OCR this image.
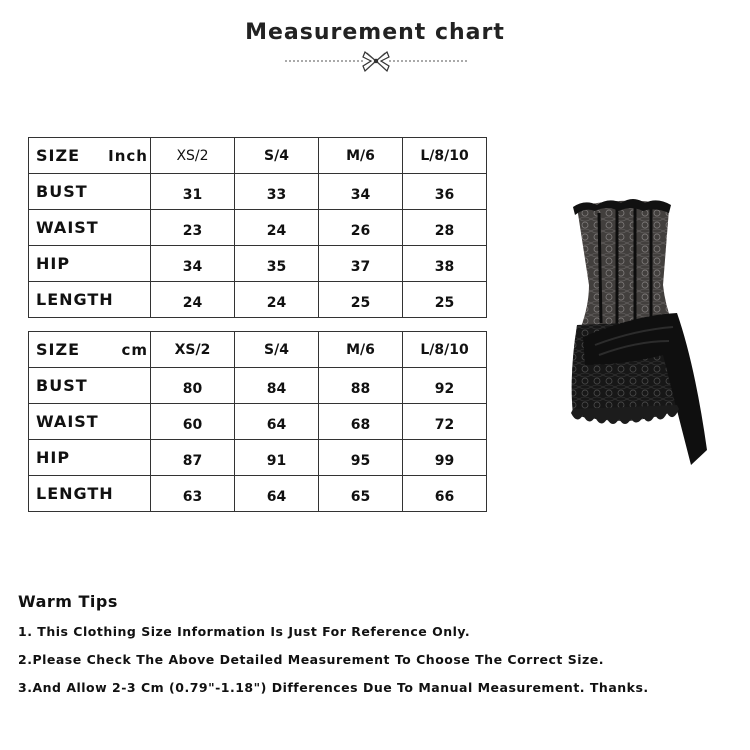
Measurement chart
SIZE Inch	XS/2	S/4	M/6	L/8/10
BUST	31	33	34	36
WAIST	23	24	26	28
HIP	34	35	37	38
LENGTH	24	24	25	25
SIZE cm	XS/2	S/4	M/6	L/8/10
BUST	80	84	88	92
WAIST	60	64	68	72
HIP	87	91	95	99
LENGTH	63	64	65	66
Warm Tips
1. This Clothing Size Information Is Just For Reference Only.
2.Please Check The Above Detailed Measurement To Choose The Correct Size.
3.And Allow 2-3 Cm (0.79"-1.18") Differences Due To Manual Measurement. Thanks.
